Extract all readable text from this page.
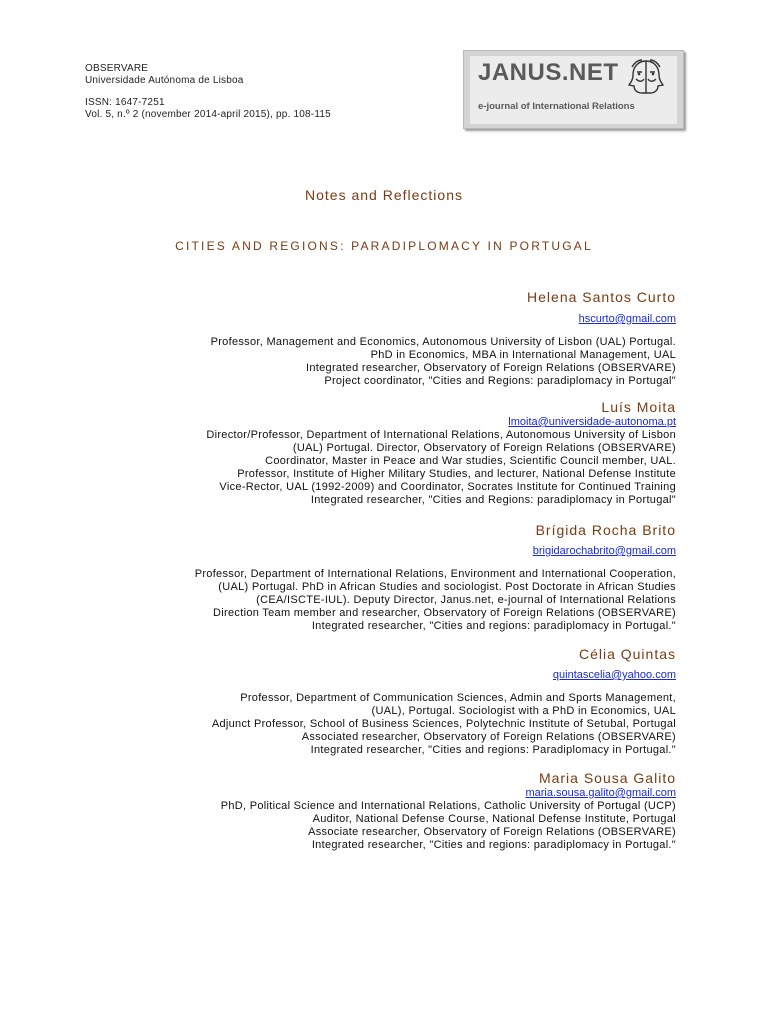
OBSERVARE
Universidade Autónoma de Lisboa
ISSN: 1647-7251
Vol. 5, n.º 2 (november 2014-april 2015), pp. 108-115
JANUS.NET
e-journal of International Relations
Notes and Reflections
CITIES AND REGIONS: PARADIPLOMACY IN PORTUGAL
Helena Santos Curto
hscurto@gmail.com
Professor, Management and Economics, Autonomous University of Lisbon (UAL) Portugal.
PhD in Economics, MBA in International Management, UAL
Integrated researcher, Observatory of Foreign Relations (OBSERVARE)
Project coordinator, "Cities and Regions: paradiplomacy in Portugal"
Luís Moita
lmoita@universidade-autonoma.pt
Director/Professor, Department of International Relations, Autonomous University of Lisbon
(UAL) Portugal. Director, Observatory of Foreign Relations (OBSERVARE)
Coordinator, Master in Peace and War studies, Scientific Council member, UAL.
Professor, Institute of Higher Military Studies, and lecturer, National Defense Institute
Vice-Rector, UAL (1992-2009) and Coordinator, Socrates Institute for Continued Training
Integrated researcher, "Cities and Regions: paradiplomacy in Portugal"
Brígida Rocha Brito
brigidarochabrito@gmail.com
Professor, Department of International Relations, Environment and International Cooperation,
(UAL) Portugal. PhD in African Studies and sociologist. Post Doctorate in African Studies
(CEA/ISCTE-IUL). Deputy Director, Janus.net, e-journal of International Relations
Direction Team member and researcher, Observatory of Foreign Relations (OBSERVARE)
Integrated researcher, "Cities and regions: paradiplomacy in Portugal."
Célia Quintas
quintascelia@yahoo.com
Professor, Department of Communication Sciences, Admin and Sports Management,
(UAL), Portugal. Sociologist with a PhD in Economics, UAL
Adjunct Professor, School of Business Sciences, Polytechnic Institute of Setubal, Portugal
Associated researcher, Observatory of Foreign Relations (OBSERVARE)
Integrated researcher, "Cities and regions: Paradiplomacy in Portugal."
Maria Sousa Galito
maria.sousa.galito@gmail.com
PhD, Political Science and International Relations, Catholic University of Portugal (UCP)
Auditor, National Defense Course, National Defense Institute, Portugal
Associate researcher, Observatory of Foreign Relations (OBSERVARE)
Integrated researcher, "Cities and regions: paradiplomacy in Portugal."
